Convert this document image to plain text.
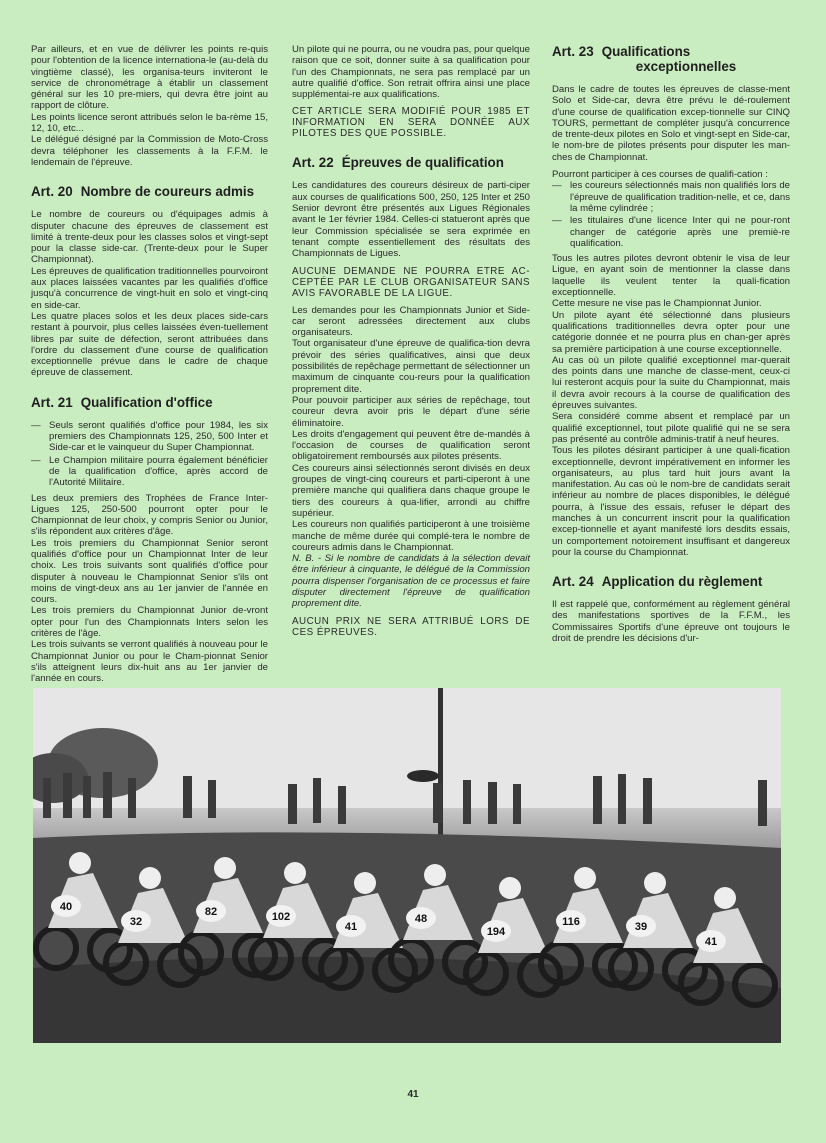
Par ailleurs, et en vue de délivrer les points re-quis pour l'obtention de la licence internationa-le (au-delà du vingtième classé), les organisa-teurs inviteront le service de chronométrage à établir un classement général sur les 10 pre-miers, qui devra être joint au rapport de clôture.

Les points licence seront attribués selon le ba-rème 15, 12, 10, etc...

Le délégué désigné par la Commission de Moto-Cross devra téléphoner les classements à la F.F.M. le lendemain de l'épreuve.

Art. 20 Nombre de coureurs admis

Le nombre de coureurs ou d'équipages admis à disputer chacune des épreuves de classement est limité à trente-deux pour les classes solos et vingt-sept pour la classe side-car. (Trente-deux pour le Super Championnat).

Les épreuves de qualification traditionnelles pourvoiront aux places laissées vacantes par les qualifiés d'office jusqu'à concurrence de vingt-huit en solo et vingt-cinq en side-car.

Les quatre places solos et les deux places side-cars restant à pourvoir, plus celles laissées éven-tuellement libres par suite de défection, seront attribuées dans l'ordre du classement d'une course de qualification exceptionnelle prévue dans le cadre de chaque épreuve de classement.

Art. 21 Qualification d'office
— Seuls seront qualifiés d'office pour 1984, les six premiers des Championnats 125, 250, 500 Inter et Side-car et le vainqueur du Super Championnat.
— Le Champion militaire pourra également bénéficier de la qualification d'office, après accord de l'Autorité Militaire.

Les deux premiers des Trophées de France Inter-Ligues 125, 250-500 pourront opter pour le Championnat de leur choix, y compris Senior ou Junior, s'ils répondent aux critères d'âge.

Les trois premiers du Championnat Senior seront qualifiés d'office pour un Championnat Inter de leur choix. Les trois suivants sont qualifiés d'office pour disputer à nouveau le Championnat Senior s'ils ont moins de vingt-deux ans au 1er janvier de l'année en cours.

Les trois premiers du Championnat Junior de-vront opter pour l'un des Championnats Inters selon les critères de l'âge.

Les trois suivants se verront qualifiés à nouveau pour le Championnat Junior ou pour le Cham-pionnat Senior s'ils atteignent leurs dix-huit ans au 1er janvier de l'année en cours.

Un pilote qui ne pourra, ou ne voudra pas, pour quelque raison que ce soit, donner suite à sa qualification pour l'un des Championnats, ne sera pas remplacé par un autre qualifié d'office. Son retrait offrira ainsi une place supplémentai-re aux qualifications.

CET ARTICLE SERA MODIFIÉ POUR 1985 ET INFORMATION EN SERA DONNÉE AUX PILOTES DES QUE POSSIBLE.

Art. 22 Épreuves de qualification

Les candidatures des coureurs désireux de parti-ciper aux courses de qualifications 500, 250, 125 Inter et 250 Senior devront être présentés aux Ligues Régionales avant le 1er février 1984. Celles-ci statueront après que leur Commission spécialisée se sera exprimée en tenant compte essentiellement des résultats des Championnats de Ligues.

AUCUNE DEMANDE NE POURRA ETRE AC-CEPTÉE PAR LE CLUB ORGANISATEUR SANS AVIS FAVORABLE DE LA LIGUE.

Les demandes pour les Championnats Junior et Side-car seront adressées directement aux clubs organisateurs.

Tout organisateur d'une épreuve de qualifica-tion devra prévoir des séries qualificatives, ainsi que deux possibilités de repêchage permettant de sélectionner un maximum de cinquante cou-reurs pour la qualification proprement dite.

Pour pouvoir participer aux séries de repêchage, tout coureur devra avoir pris le départ d'une série éliminatoire.

Les droits d'engagement qui peuvent être de-mandés à l'occasion de courses de qualification seront obligatoirement remboursés aux pilotes présents.

Ces coureurs ainsi sélectionnés seront divisés en deux groupes de vingt-cinq coureurs et parti-ciperont à une première manche qui qualifiera dans chaque groupe le tiers des coureurs à qua-lifier, arrondi au chiffre supérieur.

Les coureurs non qualifiés participeront à une troisième manche de même durée qui complé-tera le nombre de coureurs admis dans le Championnat.

N. B. - Si le nombre de candidats à la sélection devait être inférieur à cinquante, le délégué de la Commission pourra dispenser l'organisation de ce processus et faire disputer directement l'épreuve de qualification proprement dite.

AUCUN PRIX NE SERA ATTRIBUÉ LORS DE CES ÉPREUVES.

Art. 23 Qualifications
exceptionnelles

Dans le cadre de toutes les épreuves de classe-ment Solo et Side-car, devra être prévu le dé-roulement d'une course de qualification excep-tionnelle sur CINQ TOURS, permettant de compléter jusqu'à concurrence de trente-deux pilotes en Solo et vingt-sept en Side-car, le nom-bre de pilotes présents pour disputer les man-ches de Championnat.

Pourront participer à ces courses de qualifi-cation :

— les coureurs sélectionnés mais non qualifiés lors de l'épreuve de qualification tradition-nelle, et ce, dans la même cylindrée ;
— les titulaires d'une licence Inter qui ne pour-ront changer de catégorie après une premiè-re qualification.

Tous les autres pilotes devront obtenir le visa de leur Ligue, en ayant soin de mentionner la classe dans laquelle ils veulent tenter la quali-fication exceptionnelle.

Cette mesure ne vise pas le Championnat Junior.

Un pilote ayant été sélectionné dans plusieurs qualifications traditionnelles devra opter pour une catégorie donnée et ne pourra plus en chan-ger après sa première participation à une course exceptionnelle.

Au cas où un pilote qualifié exceptionnel mar-querait des points dans une manche de classe-ment, ceux-ci lui resteront acquis pour la suite du Championnat, mais il devra avoir recours à la course de qualification des épreuves suivantes.

Sera considéré comme absent et remplacé par un qualifié exceptionnel, tout pilote qualifié qui ne se sera pas présenté au contrôle adminis-tratif à neuf heures.

Tous les pilotes désirant participer à une quali-fication exceptionnelle, devront impérativement en informer les organisateurs, au plus tard huit jours avant la manifestation. Au cas où le nom-bre de candidats serait inférieur au nombre de places disponibles, le délégué pourra, à l'issue des essais, refuser le départ des manches à un concurrent inscrit pour la qualification excep-tionnelle et ayant manifesté lors desdits essais, un comportement notoirement insuffisant et dangereux pour la course du Championnat.

Art. 24 Application du règlement

Il est rappelé que, conformément au règlement général des manifestations sportives de la F.F.M., les Commissaires Sportifs d'une épreuve ont toujours le droit de prendre les décisions d'ur-

40
32
82	102
41
48
194
116	39
41
41
